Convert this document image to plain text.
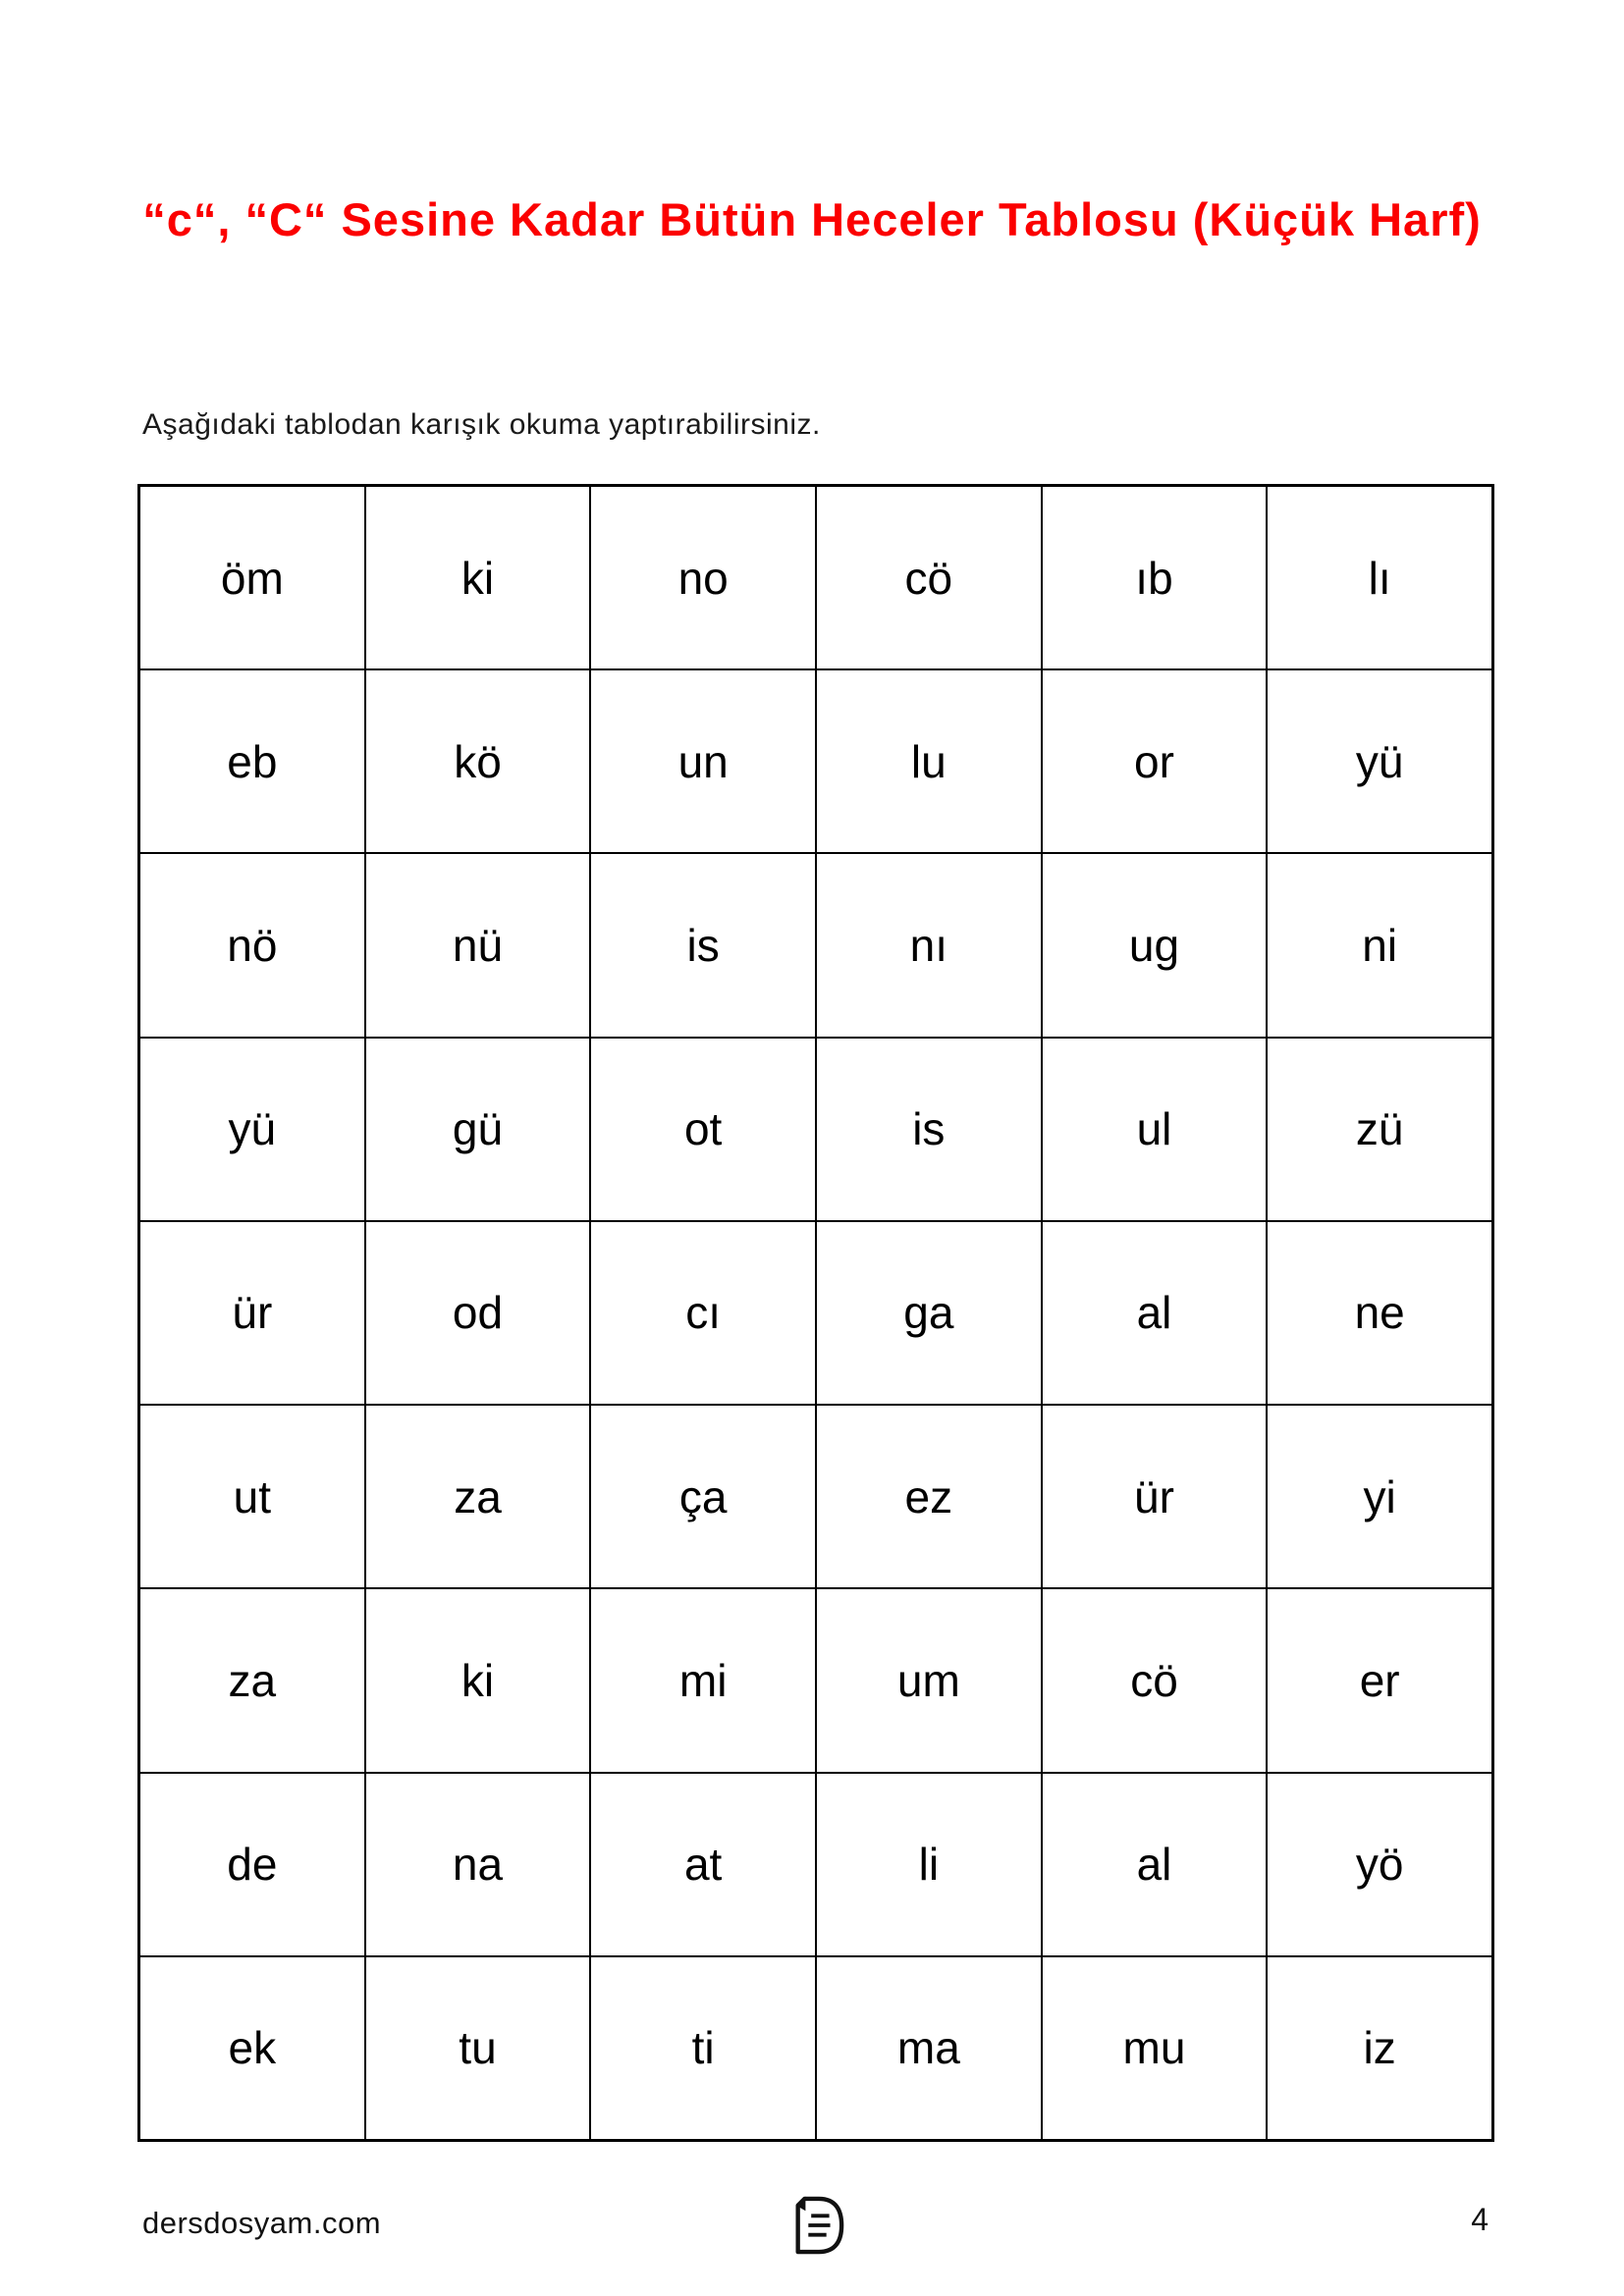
“c“, “C“ Sesine Kadar Bütün Heceler Tablosu (Küçük Harf)
Aşağıdaki tablodan karışık okuma yaptırabilirsiniz.
öm	ki	no	cö	ıb	lı
eb	kö	un	lu	or	yü
nö	nü	is	nı	ug	ni
yü	gü	ot	is	ul	zü
ür	od	cı	ga	al	ne
ut	za	ça	ez	ür	yi
za	ki	mi	um	cö	er
de	na	at	li	al	yö
ek	tu	ti	ma	mu	iz
dersdosyam.com	4
